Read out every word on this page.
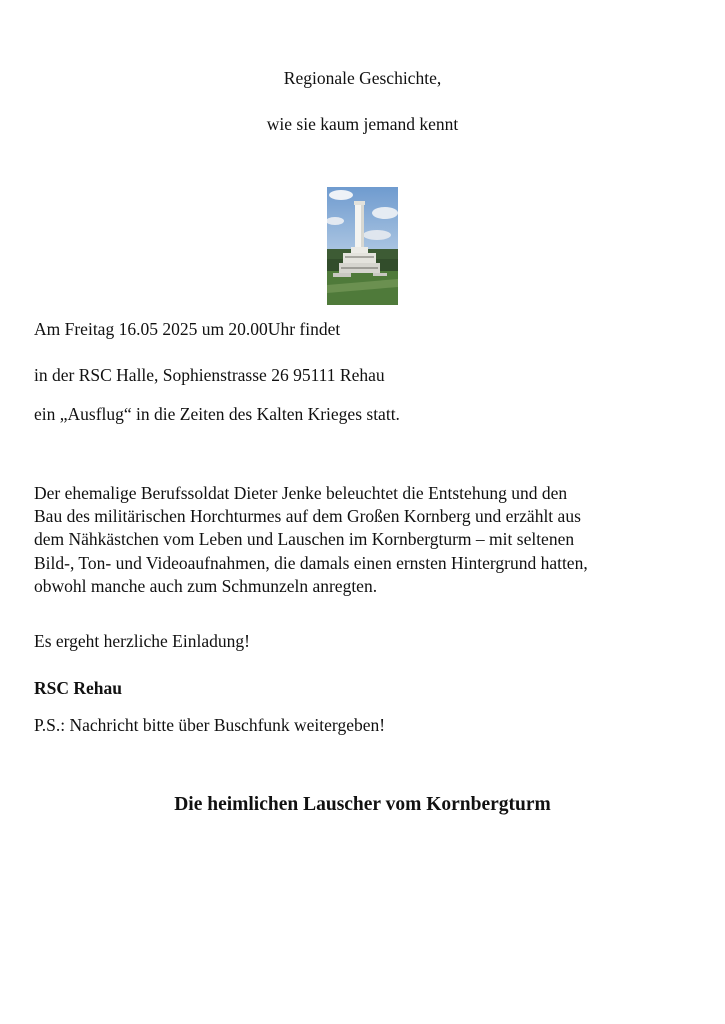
Regionale Geschichte,
wie sie kaum jemand kennt
Am Freitag 16.05 2025 um 20.00Uhr findet
in der RSC Halle, Sophienstrasse 26 95111 Rehau
ein „Ausflug“ in die Zeiten des Kalten Krieges statt.
Der ehemalige Berufssoldat Dieter Jenke beleuchtet die Entstehung und den
Bau des militärischen Horchturmes auf dem Großen Kornberg und erzählt aus
dem Nähkästchen vom Leben und Lauschen im Kornbergturm – mit seltenen
Bild-, Ton- und Videoaufnahmen, die damals einen ernsten Hintergrund hatten,
obwohl manche auch zum Schmunzeln anregten.
Es ergeht herzliche Einladung!
RSC Rehau
P.S.: Nachricht bitte über Buschfunk weitergeben!
Die heimlichen Lauscher vom Kornbergturm
